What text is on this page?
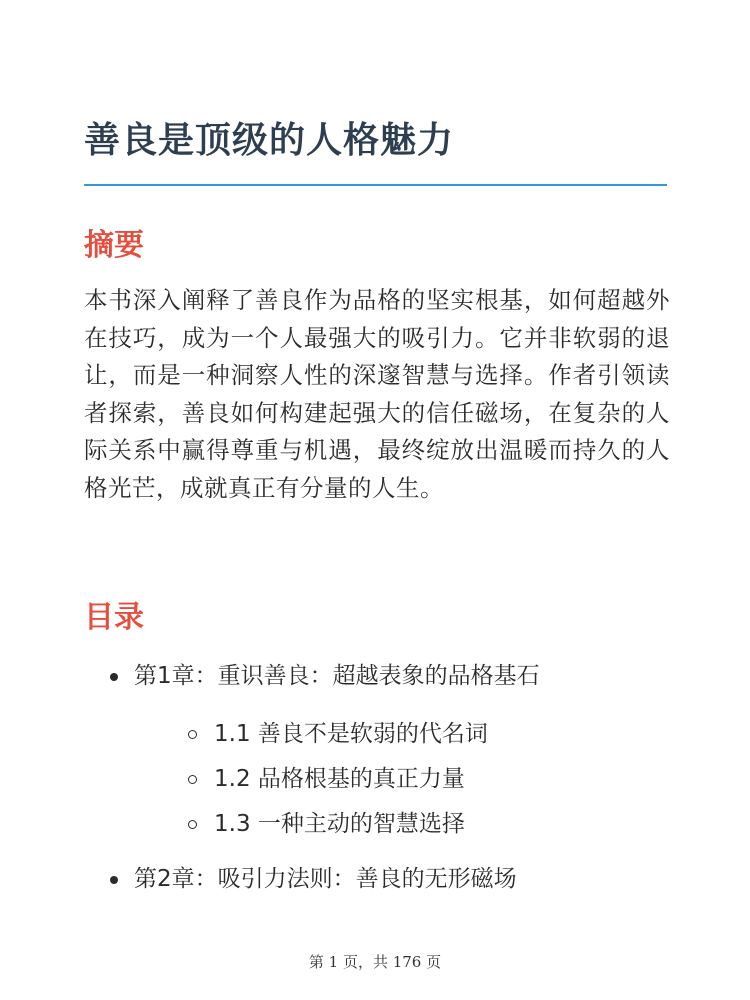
善良是顶级的人格魅力
摘要
本书深入阐释了善良作为品格的坚实根基，如何超越外在技巧，成为一个人最强大的吸引力。它并非软弱的退让，而是一种洞察人性的深邃智慧与选择。作者引领读者探索，善良如何构建起强大的信任磁场，在复杂的人际关系中赢得尊重与机遇，最终绽放出温暖而持久的人格光芒，成就真正有分量的人生。
目录
第1章：重识善良：超越表象的品格基石
1.1 善良不是软弱的代名词
1.2 品格根基的真正力量
1.3 一种主动的智慧选择
第2章：吸引力法则：善良的无形磁场
第 1 页，共 176 页
